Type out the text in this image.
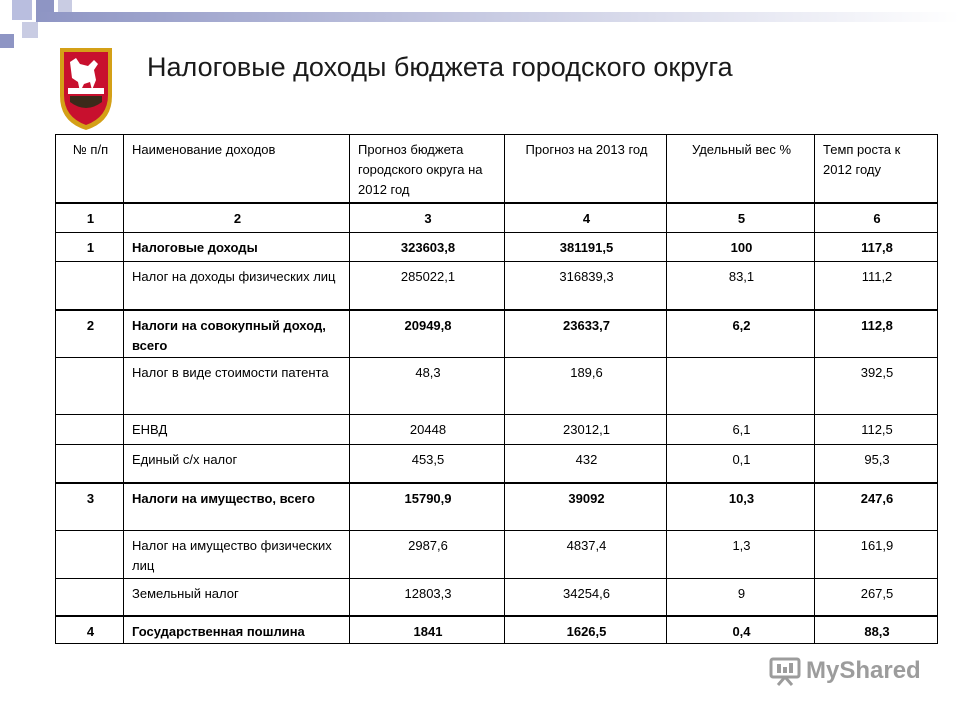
Налоговые доходы бюджета городского округа
№ п/п	Наименование доходов	Прогноз бюджета городского округа на 2012 год	Прогноз на 2013 год	Удельный вес %	Темп роста к 2012 году
1	2	3	4	5	6
1	Налоговые доходы	323603,8	381191,5	100	117,8
	Налог на доходы физических лиц	285022,1	316839,3	83,1	111,2
2	Налоги на совокупный доход, всего	20949,8	23633,7	6,2	112,8
	Налог в виде стоимости патента	48,3	189,6		392,5
	ЕНВД	20448	23012,1	6,1	112,5
	Единый с/х налог	453,5	432	0,1	95,3
3	Налоги на имущество, всего	15790,9	39092	10,3	247,6
	Налог на имущество физических лиц	2987,6	4837,4	1,3	161,9
	Земельный налог	12803,3	34254,6	9	267,5
4	Государственная пошлина	1841	1626,5	0,4	88,3
MyShared
